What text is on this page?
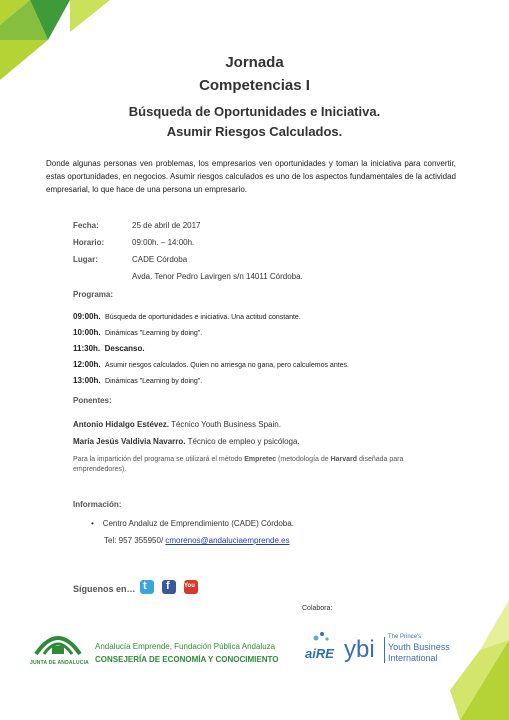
Jornada
Competencias I
Búsqueda de Oportunidades e Iniciativa.
Asumir Riesgos Calculados.
Donde algunas personas ven problemas, los empresarios ven oportunidades y toman la iniciativa para convertir, estas oportunidades, en negocios. Asumir riesgos calculados es uno de los aspectos fundamentales de la actividad empresarial, lo que hace de una persona un empresario.
Fecha:	25 de abril de 2017
Horario:	09:00h. – 14:00h.
Lugar:	CADE Córdoba
Avda. Tenor Pedro Lavirgen s/n 14011 Córdoba.
Programa:
09:00h. Búsqueda de oportunidades e iniciativa. Una actitud constante.
10:00h. Dinámicas "Learning by doing".
11:30h. Descanso.
12:00h. Asumir riesgos calculados. Quien no arriesga no gana, pero calculemos antes.
13:00h. Dinámicas "Learning by doing".
Ponentes:
Antonio Hidalgo Estévez. Técnico Youth Business Spain.
María Jesús Valdivia Navarro. Técnico de empleo y psicóloga.
Para la impartición del programa se utilizará el método Empretec (metodología de Harvard diseñada para emprendedores).
Información:
•    Centro Andaluz de Emprendimiento (CADE) Córdoba.
Tel: 957 355950/ cmorenos@andaluciaemprende.es
Síguenos en… t f You
Colabora:
JUNTA DE ANDALUCIA
Andalucía Emprende, Fundación Pública Andaluza
CONSEJERÍA DE ECONOMÍA Y CONOCIMIENTO aiRE ybi The Prince's
Youth Business
International
